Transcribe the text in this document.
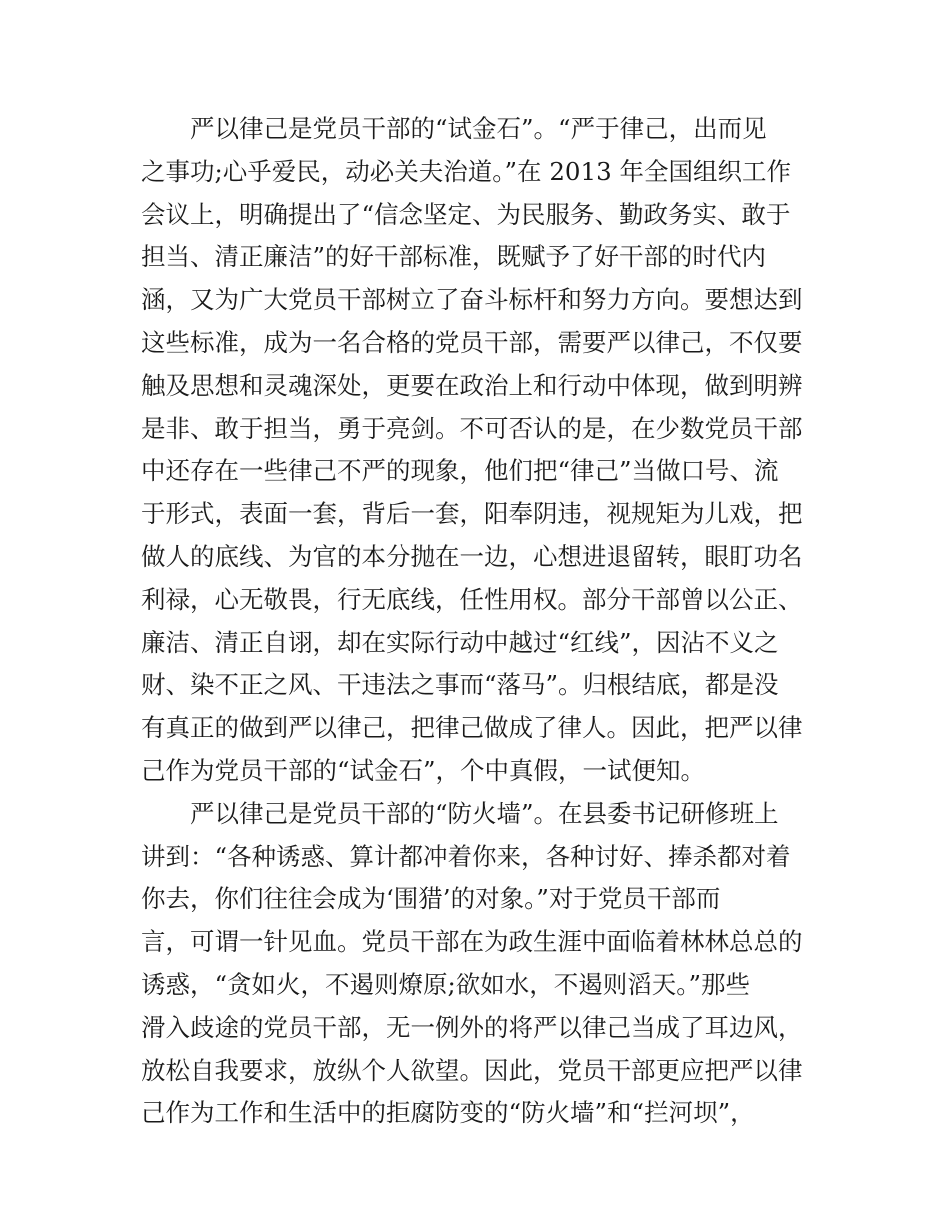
严以律己是党员干部的“试金石”。“严于律己，出而见
之事功;心乎爱民，动必关夫治道。”在 2013 年全国组织工作
会议上，明确提出了“信念坚定、为民服务、勤政务实、敢于
担当、清正廉洁”的好干部标准，既赋予了好干部的时代内
涵，又为广大党员干部树立了奋斗标杆和努力方向。要想达到
这些标准，成为一名合格的党员干部，需要严以律己，不仅要
触及思想和灵魂深处，更要在政治上和行动中体现，做到明辨
是非、敢于担当，勇于亮剑。不可否认的是，在少数党员干部
中还存在一些律己不严的现象，他们把“律己”当做口号、流
于形式，表面一套，背后一套，阳奉阴违，视规矩为儿戏，把
做人的底线、为官的本分抛在一边，心想进退留转，眼盯功名
利禄，心无敬畏，行无底线，任性用权。部分干部曾以公正、
廉洁、清正自诩，却在实际行动中越过“红线”，因沾不义之
财、染不正之风、干违法之事而“落马”。归根结底，都是没
有真正的做到严以律己，把律己做成了律人。因此，把严以律
己作为党员干部的“试金石”，个中真假，一试便知。
严以律己是党员干部的“防火墙”。在县委书记研修班上
讲到：“各种诱惑、算计都冲着你来，各种讨好、捧杀都对着
你去，你们往往会成为‘围猎’的对象。”对于党员干部而
言，可谓一针见血。党员干部在为政生涯中面临着林林总总的
诱惑，“贪如火，不遏则燎原;欲如水，不遏则滔天。”那些
滑入歧途的党员干部，无一例外的将严以律己当成了耳边风，
放松自我要求，放纵个人欲望。因此，党员干部更应把严以律
己作为工作和生活中的拒腐防变的“防火墙”和“拦河坝”，
